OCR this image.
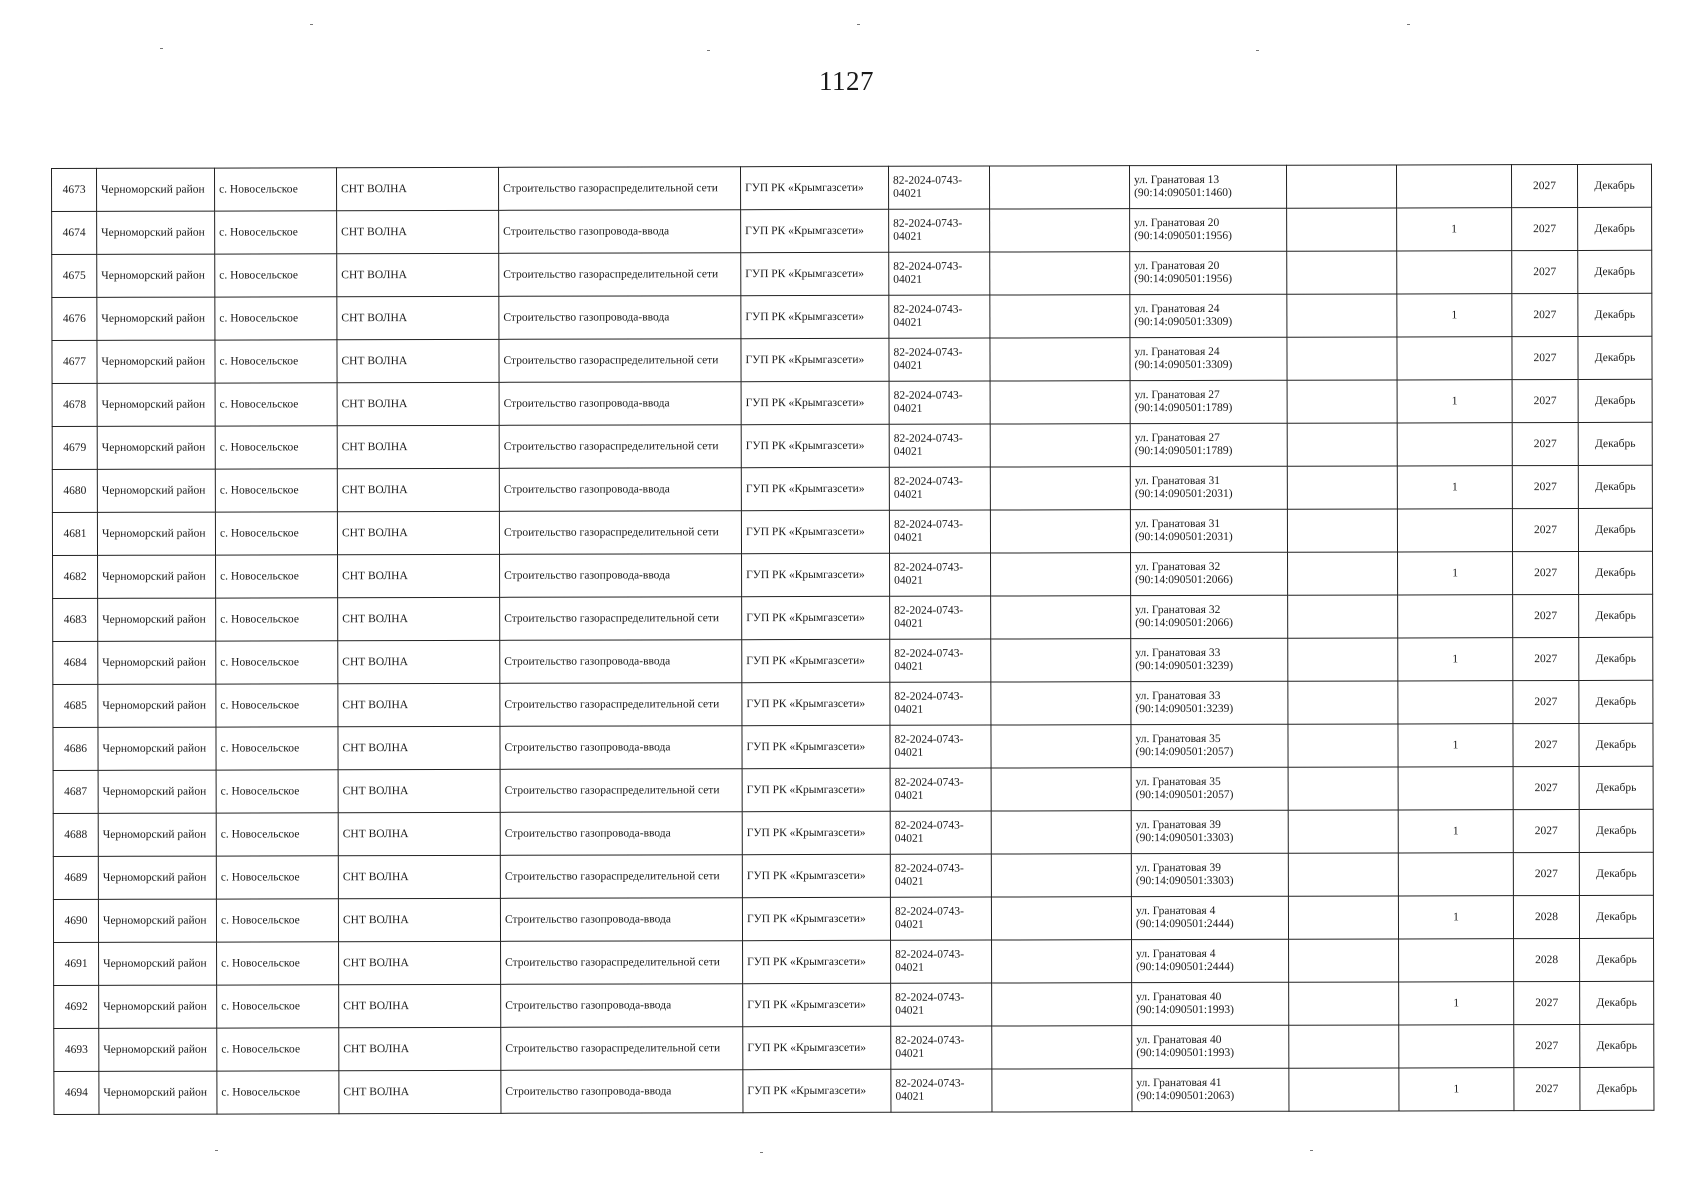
1127
4673	Черноморский район	с. Новосельское	СНТ ВОЛНА	Строительство газораспределительной сети	ГУП РК «Крымгазсети»	82-2024-0743-04021		ул. Гранатовая 13
(90:14:090501:1460)			2027	Декабрь
4674	Черноморский район	с. Новосельское	СНТ ВОЛНА	Строительство газопровода-ввода	ГУП РК «Крымгазсети»	82-2024-0743-04021		ул. Гранатовая 20
(90:14:090501:1956)		1	2027	Декабрь
4675	Черноморский район	с. Новосельское	СНТ ВОЛНА	Строительство газораспределительной сети	ГУП РК «Крымгазсети»	82-2024-0743-04021		ул. Гранатовая 20
(90:14:090501:1956)			2027	Декабрь
4676	Черноморский район	с. Новосельское	СНТ ВОЛНА	Строительство газопровода-ввода	ГУП РК «Крымгазсети»	82-2024-0743-04021		ул. Гранатовая 24
(90:14:090501:3309)		1	2027	Декабрь
4677	Черноморский район	с. Новосельское	СНТ ВОЛНА	Строительство газораспределительной сети	ГУП РК «Крымгазсети»	82-2024-0743-04021		ул. Гранатовая 24
(90:14:090501:3309)			2027	Декабрь
4678	Черноморский район	с. Новосельское	СНТ ВОЛНА	Строительство газопровода-ввода	ГУП РК «Крымгазсети»	82-2024-0743-04021		ул. Гранатовая 27
(90:14:090501:1789)		1	2027	Декабрь
4679	Черноморский район	с. Новосельское	СНТ ВОЛНА	Строительство газораспределительной сети	ГУП РК «Крымгазсети»	82-2024-0743-04021		ул. Гранатовая 27
(90:14:090501:1789)			2027	Декабрь
4680	Черноморский район	с. Новосельское	СНТ ВОЛНА	Строительство газопровода-ввода	ГУП РК «Крымгазсети»	82-2024-0743-04021		ул. Гранатовая 31
(90:14:090501:2031)		1	2027	Декабрь
4681	Черноморский район	с. Новосельское	СНТ ВОЛНА	Строительство газораспределительной сети	ГУП РК «Крымгазсети»	82-2024-0743-04021		ул. Гранатовая 31
(90:14:090501:2031)			2027	Декабрь
4682	Черноморский район	с. Новосельское	СНТ ВОЛНА	Строительство газопровода-ввода	ГУП РК «Крымгазсети»	82-2024-0743-04021		ул. Гранатовая 32
(90:14:090501:2066)		1	2027	Декабрь
4683	Черноморский район	с. Новосельское	СНТ ВОЛНА	Строительство газораспределительной сети	ГУП РК «Крымгазсети»	82-2024-0743-04021		ул. Гранатовая 32
(90:14:090501:2066)			2027	Декабрь
4684	Черноморский район	с. Новосельское	СНТ ВОЛНА	Строительство газопровода-ввода	ГУП РК «Крымгазсети»	82-2024-0743-04021		ул. Гранатовая 33
(90:14:090501:3239)		1	2027	Декабрь
4685	Черноморский район	с. Новосельское	СНТ ВОЛНА	Строительство газораспределительной сети	ГУП РК «Крымгазсети»	82-2024-0743-04021		ул. Гранатовая 33
(90:14:090501:3239)			2027	Декабрь
4686	Черноморский район	с. Новосельское	СНТ ВОЛНА	Строительство газопровода-ввода	ГУП РК «Крымгазсети»	82-2024-0743-04021		ул. Гранатовая 35
(90:14:090501:2057)		1	2027	Декабрь
4687	Черноморский район	с. Новосельское	СНТ ВОЛНА	Строительство газораспределительной сети	ГУП РК «Крымгазсети»	82-2024-0743-04021		ул. Гранатовая 35
(90:14:090501:2057)			2027	Декабрь
4688	Черноморский район	с. Новосельское	СНТ ВОЛНА	Строительство газопровода-ввода	ГУП РК «Крымгазсети»	82-2024-0743-04021		ул. Гранатовая 39
(90:14:090501:3303)		1	2027	Декабрь
4689	Черноморский район	с. Новосельское	СНТ ВОЛНА	Строительство газораспределительной сети	ГУП РК «Крымгазсети»	82-2024-0743-04021		ул. Гранатовая 39
(90:14:090501:3303)			2027	Декабрь
4690	Черноморский район	с. Новосельское	СНТ ВОЛНА	Строительство газопровода-ввода	ГУП РК «Крымгазсети»	82-2024-0743-04021		ул. Гранатовая 4
(90:14:090501:2444)		1	2028	Декабрь
4691	Черноморский район	с. Новосельское	СНТ ВОЛНА	Строительство газораспределительной сети	ГУП РК «Крымгазсети»	82-2024-0743-04021		ул. Гранатовая 4
(90:14:090501:2444)			2028	Декабрь
4692	Черноморский район	с. Новосельское	СНТ ВОЛНА	Строительство газопровода-ввода	ГУП РК «Крымгазсети»	82-2024-0743-04021		ул. Гранатовая 40
(90:14:090501:1993)		1	2027	Декабрь
4693	Черноморский район	с. Новосельское	СНТ ВОЛНА	Строительство газораспределительной сети	ГУП РК «Крымгазсети»	82-2024-0743-04021		ул. Гранатовая 40
(90:14:090501:1993)			2027	Декабрь
4694	Черноморский район	с. Новосельское	СНТ ВОЛНА	Строительство газопровода-ввода	ГУП РК «Крымгазсети»	82-2024-0743-04021		ул. Гранатовая 41
(90:14:090501:2063)		1	2027	Декабрь
